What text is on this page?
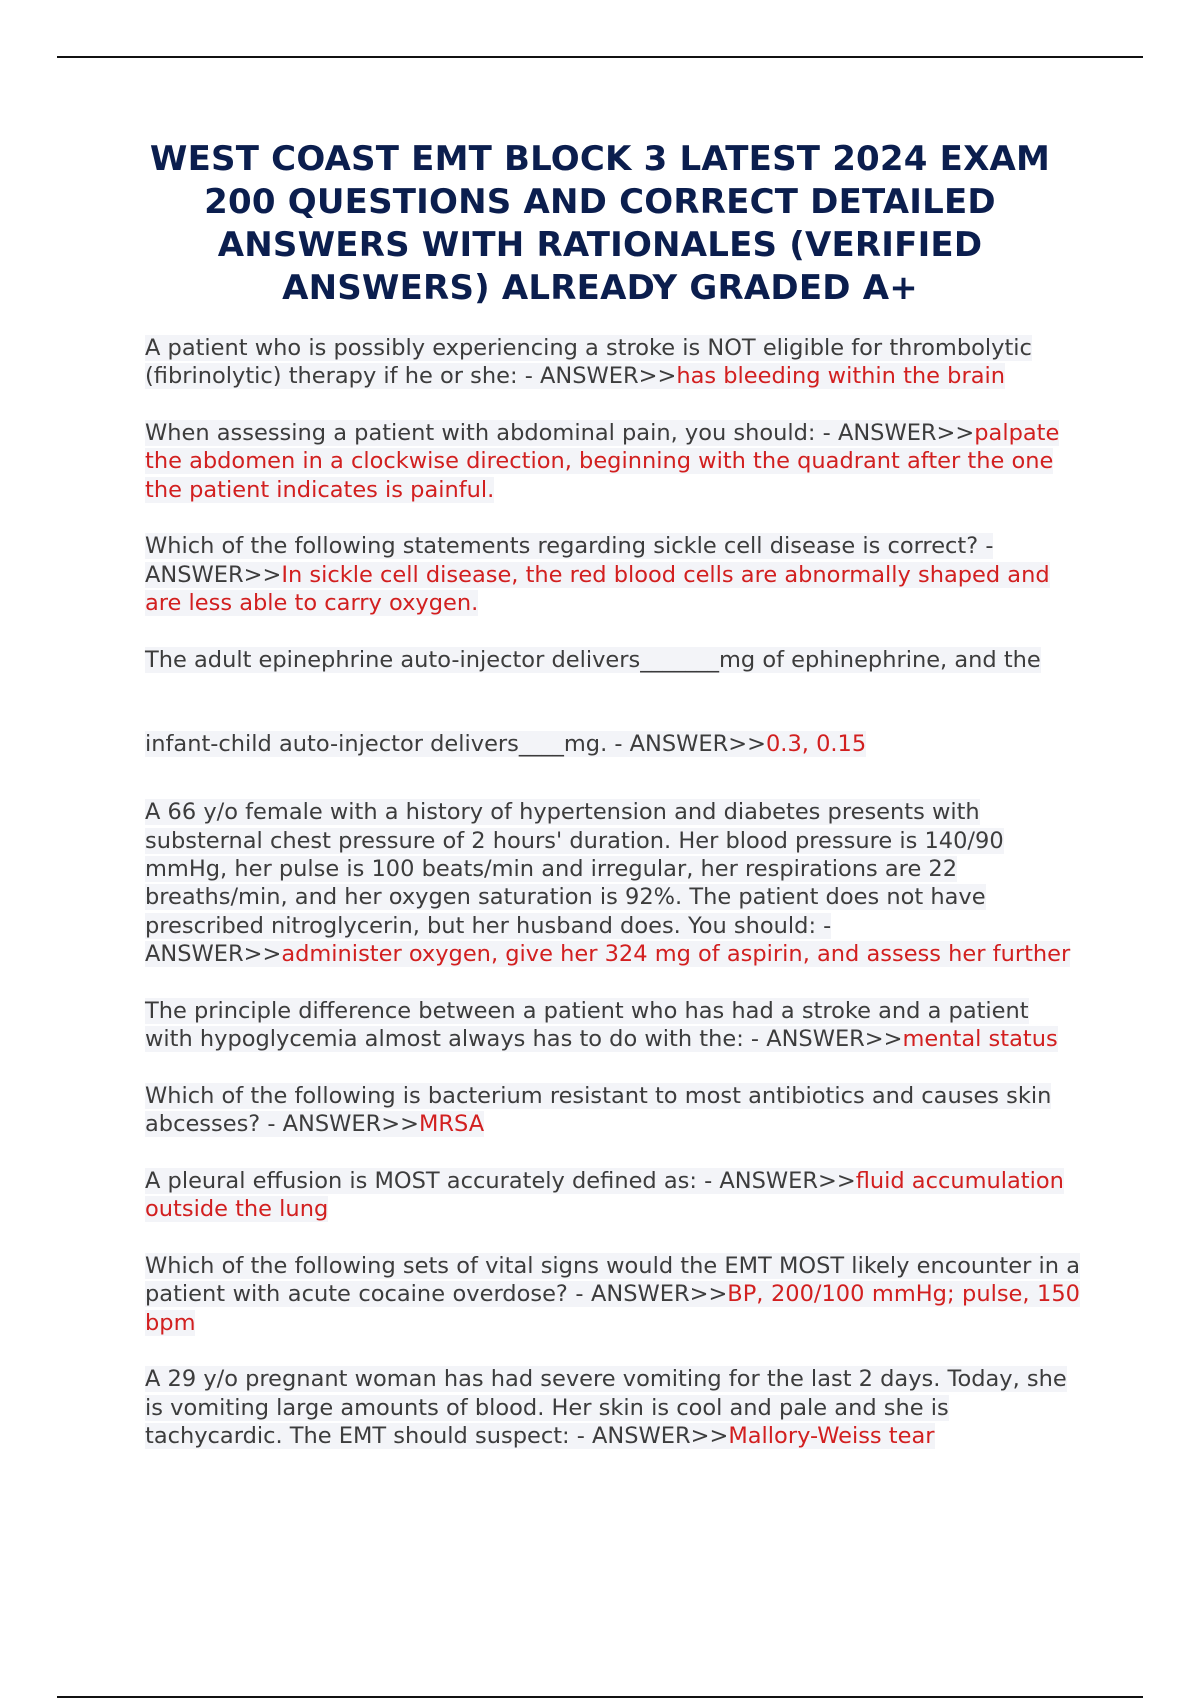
WEST COAST EMT BLOCK 3 LATEST 2024 EXAM 200 QUESTIONS AND CORRECT DETAILED ANSWERS WITH RATIONALES (VERIFIED ANSWERS) ALREADY GRADED A+

A patient who is possibly experiencing a stroke is NOT eligible for thrombolytic (fibrinolytic) therapy if he or she: - ANSWER>>has bleeding within the brain

When assessing a patient with abdominal pain, you should: - ANSWER>>palpate the abdomen in a clockwise direction, beginning with the quadrant after the one the patient indicates is painful.

Which of the following statements regarding sickle cell disease is correct? - ANSWER>>In sickle cell disease, the red blood cells are abnormally shaped and are less able to carry oxygen.

The adult epinephrine auto-injector delivers_______mg of ephinephrine, and the
infant-child auto-injector delivers____mg. - ANSWER>>0.3, 0.15

A 66 y/o female with a history of hypertension and diabetes presents with substernal chest pressure of 2 hours' duration. Her blood pressure is 140/90 mmHg, her pulse is 100 beats/min and irregular, her respirations are 22 breaths/min, and her oxygen saturation is 92%. The patient does not have prescribed nitroglycerin, but her husband does. You should: - ANSWER>>administer oxygen, give her 324 mg of aspirin, and assess her further

The principle difference between a patient who has had a stroke and a patient with hypoglycemia almost always has to do with the: - ANSWER>>mental status

Which of the following is bacterium resistant to most antibiotics and causes skin abcesses? - ANSWER>>MRSA

A pleural effusion is MOST accurately defined as: - ANSWER>>fluid accumulation outside the lung

Which of the following sets of vital signs would the EMT MOST likely encounter in a patient with acute cocaine overdose? - ANSWER>>BP, 200/100 mmHg; pulse, 150 bpm

A 29 y/o pregnant woman has had severe vomiting for the last 2 days. Today, she is vomiting large amounts of blood. Her skin is cool and pale and she is tachycardic. The EMT should suspect: - ANSWER>>Mallory-Weiss tear
